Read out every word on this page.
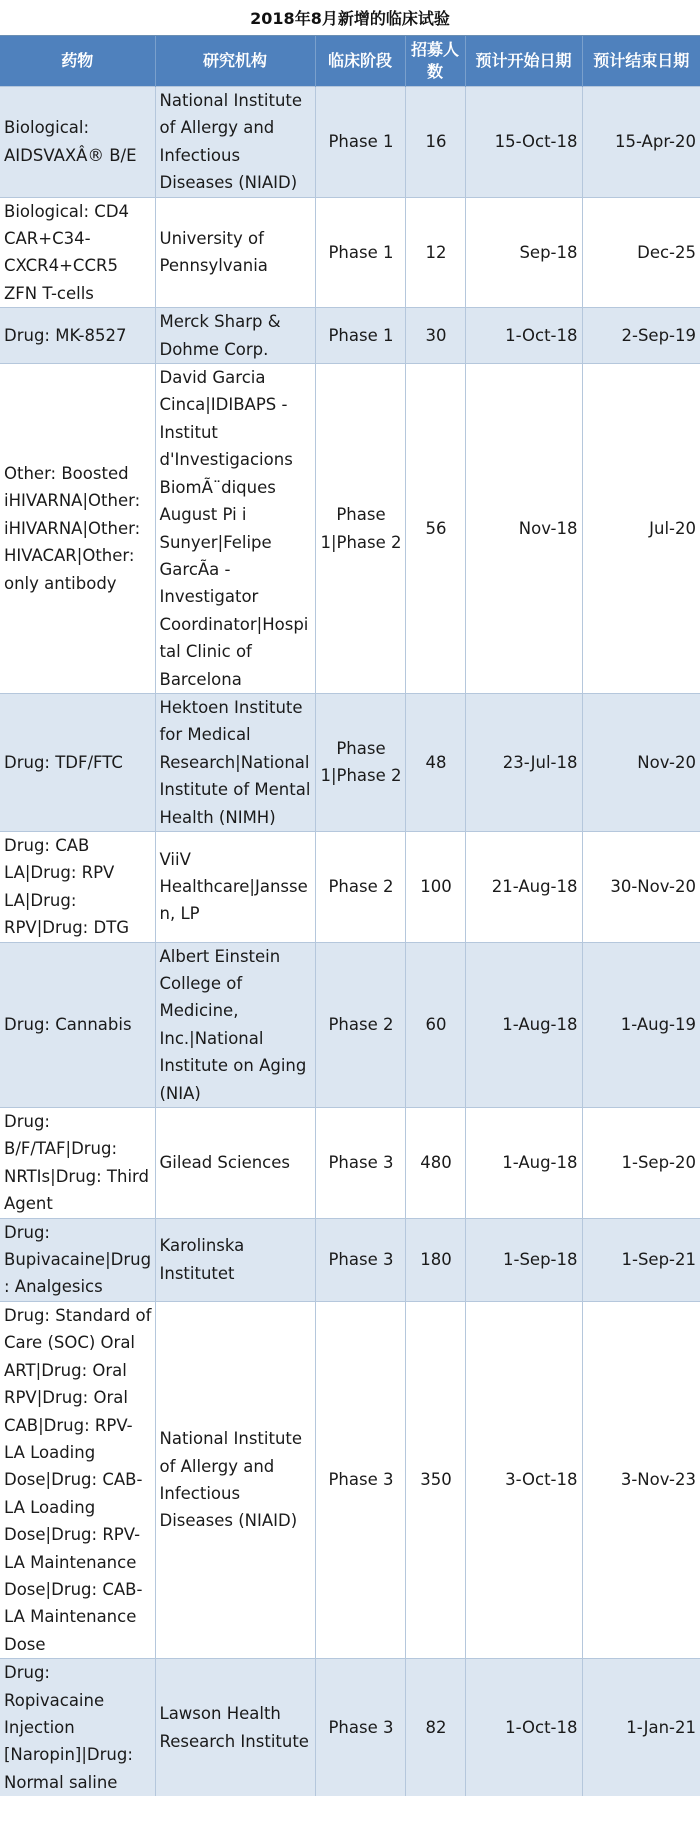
2018年8月新增的临床试验
药物	研究机构	临床阶段	招募人数	预计开始日期	预计结束日期
Biological: AIDSVAXÂ® B/E	National Institute of Allergy and Infectious Diseases (NIAID)	Phase 1	16	15-Oct-18	15-Apr-20
Biological: CD4 CAR+C34-CXCR4+CCR5 ZFN T-cells	University of Pennsylvania	Phase 1	12	Sep-18	Dec-25
Drug: MK-8527	Merck Sharp & Dohme Corp.	Phase 1	30	1-Oct-18	2-Sep-19
Other: Boosted iHIVARNA|Other: iHIVARNA|Other: HIVACAR|Other: only antibody	David Garcia Cinca|IDIBAPS - Institut d'Investigacions BiomÃ¨diques August Pi i Sunyer|Felipe GarcÃa - Investigator Coordinator|Hospital Clinic of Barcelona	Phase 1|Phase 2	56	Nov-18	Jul-20
Drug: TDF/FTC	Hektoen Institute for Medical Research|National Institute of Mental Health (NIMH)	Phase 1|Phase 2	48	23-Jul-18	Nov-20
Drug: CAB LA|Drug: RPV LA|Drug: RPV|Drug: DTG	ViiV Healthcare|Janssen, LP	Phase 2	100	21-Aug-18	30-Nov-20
Drug: Cannabis	Albert Einstein College of Medicine, Inc.|National Institute on Aging (NIA)	Phase 2	60	1-Aug-18	1-Aug-19
Drug: B/F/TAF|Drug: NRTIs|Drug: Third Agent	Gilead Sciences	Phase 3	480	1-Aug-18	1-Sep-20
Drug: Bupivacaine|Drug: Analgesics	Karolinska Institutet	Phase 3	180	1-Sep-18	1-Sep-21
Drug: Standard of Care (SOC) Oral ART|Drug: Oral RPV|Drug: Oral CAB|Drug: RPV-LA Loading Dose|Drug: CAB-LA Loading Dose|Drug: RPV-LA Maintenance Dose|Drug: CAB-LA Maintenance Dose	National Institute of Allergy and Infectious Diseases (NIAID)	Phase 3	350	3-Oct-18	3-Nov-23
Drug: Ropivacaine Injection [Naropin]|Drug: Normal saline	Lawson Health Research Institute	Phase 3	82	1-Oct-18	1-Jan-21
